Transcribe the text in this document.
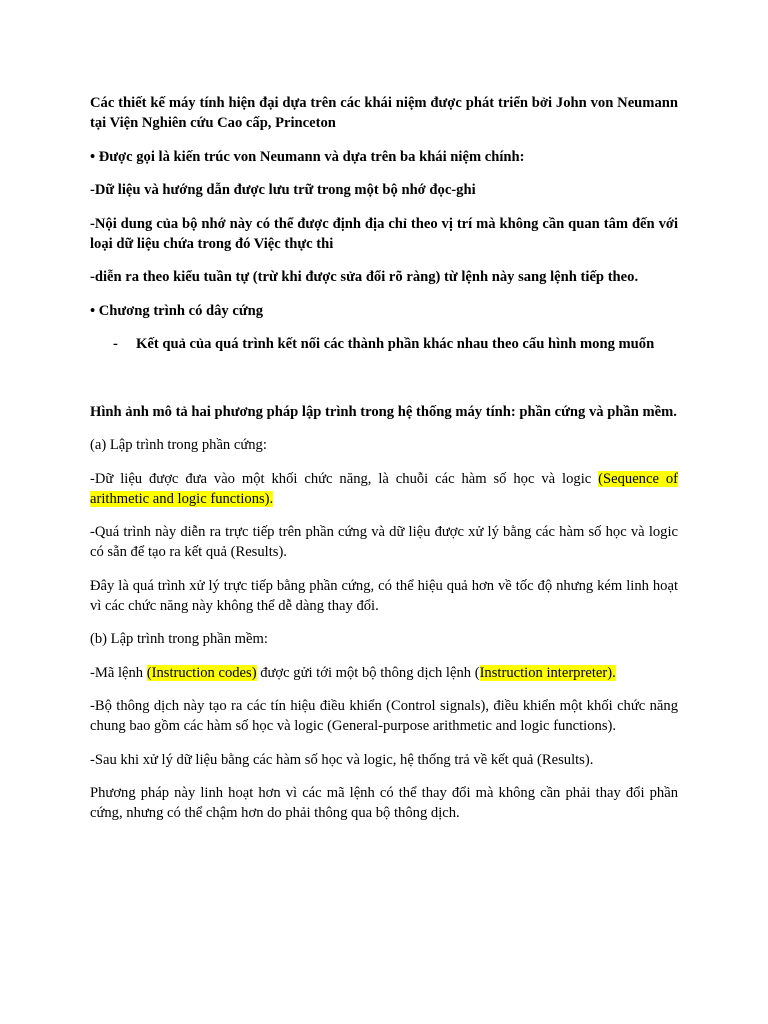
Các thiết kế máy tính hiện đại dựa trên các khái niệm được phát triển bởi John von Neumann tại Viện Nghiên cứu Cao cấp, Princeton

• Được gọi là kiến trúc von Neumann và dựa trên ba khái niệm chính:

-Dữ liệu và hướng dẫn được lưu trữ trong một bộ nhớ đọc-ghi

-Nội dung của bộ nhớ này có thể được định địa chỉ theo vị trí mà không cần quan tâm đến với loại dữ liệu chứa trong đó Việc thực thi

-diễn ra theo kiểu tuần tự (trừ khi được sửa đổi rõ ràng) từ lệnh này sang lệnh tiếp theo.

• Chương trình có dây cứng

- Kết quả của quá trình kết nối các thành phần khác nhau theo cấu hình mong muốn

Hình ảnh mô tả hai phương pháp lập trình trong hệ thống máy tính: phần cứng và phần mềm.

(a) Lập trình trong phần cứng:

-Dữ liệu được đưa vào một khối chức năng, là chuỗi các hàm số học và logic (Sequence of arithmetic and logic functions).

-Quá trình này diễn ra trực tiếp trên phần cứng và dữ liệu được xử lý bằng các hàm số học và logic có sẵn để tạo ra kết quả (Results).

Đây là quá trình xử lý trực tiếp bằng phần cứng, có thể hiệu quả hơn về tốc độ nhưng kém linh hoạt vì các chức năng này không thể dễ dàng thay đổi.

(b) Lập trình trong phần mềm:

-Mã lệnh (Instruction codes) được gửi tới một bộ thông dịch lệnh (Instruction interpreter).

-Bộ thông dịch này tạo ra các tín hiệu điều khiển (Control signals), điều khiển một khối chức năng chung bao gồm các hàm số học và logic (General-purpose arithmetic and logic functions).

-Sau khi xử lý dữ liệu bằng các hàm số học và logic, hệ thống trả về kết quả (Results).

Phương pháp này linh hoạt hơn vì các mã lệnh có thể thay đổi mà không cần phải thay đổi phần cứng, nhưng có thể chậm hơn do phải thông qua bộ thông dịch.
